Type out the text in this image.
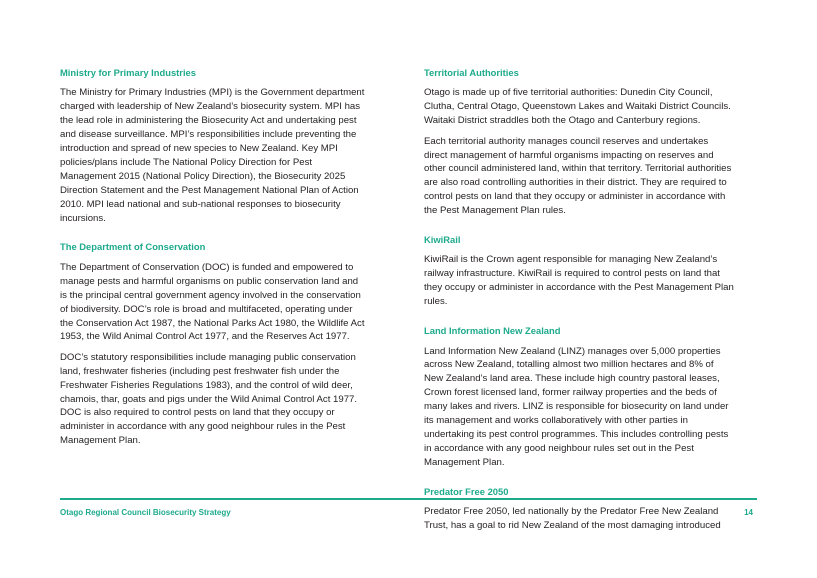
Ministry for Primary Industries

The Ministry for Primary Industries (MPI) is the Government department charged with leadership of New Zealand’s biosecurity system. MPI has the lead role in administering the Biosecurity Act and undertaking pest and disease surveillance. MPI’s responsibilities include preventing the introduction and spread of new species to New Zealand. Key MPI policies/plans include The National Policy Direction for Pest Management 2015 (National Policy Direction), the Biosecurity 2025 Direction Statement and the Pest Management National Plan of Action 2010. MPI lead national and sub-national responses to biosecurity incursions.

The Department of Conservation

The Department of Conservation (DOC) is funded and empowered to manage pests and harmful organisms on public conservation land and is the principal central government agency involved in the conservation of biodiversity. DOC’s role is broad and multifaceted, operating under the Conservation Act 1987, the National Parks Act 1980, the Wildlife Act 1953, the Wild Animal Control Act 1977, and the Reserves Act 1977.

DOC’s statutory responsibilities include managing public conservation land, freshwater fisheries (including pest freshwater fish under the Freshwater Fisheries Regulations 1983), and the control of wild deer, chamois, thar, goats and pigs under the Wild Animal Control Act 1977. DOC is also required to control pests on land that they occupy or administer in accordance with any good neighbour rules in the Pest Management Plan.

Territorial Authorities

Otago is made up of five territorial authorities: Dunedin City Council, Clutha, Central Otago, Queenstown Lakes and Waitaki District Councils. Waitaki District straddles both the Otago and Canterbury regions.

Each territorial authority manages council reserves and undertakes direct management of harmful organisms impacting on reserves and other council administered land, within that territory. Territorial authorities are also road controlling authorities in their district. They are required to control pests on land that they occupy or administer in accordance with the Pest Management Plan rules.

KiwiRail

KiwiRail is the Crown agent responsible for managing New Zealand’s railway infrastructure. KiwiRail is required to control pests on land that they occupy or administer in accordance with the Pest Management Plan rules.

Land Information New Zealand

Land Information New Zealand (LINZ) manages over 5,000 properties across New Zealand, totalling almost two million hectares and 8% of New Zealand’s land area. These include high country pastoral leases, Crown forest licensed land, former railway properties and the beds of many lakes and rivers. LINZ is responsible for biosecurity on land under its management and works collaboratively with other parties in undertaking its pest control programmes. This includes controlling pests in accordance with any good neighbour rules set out in the Pest Management Plan.

Predator Free 2050

Predator Free 2050, led nationally by the Predator Free New Zealand Trust, has a goal to rid New Zealand of the most damaging introduced

Otago Regional Council Biosecurity Strategy	14
